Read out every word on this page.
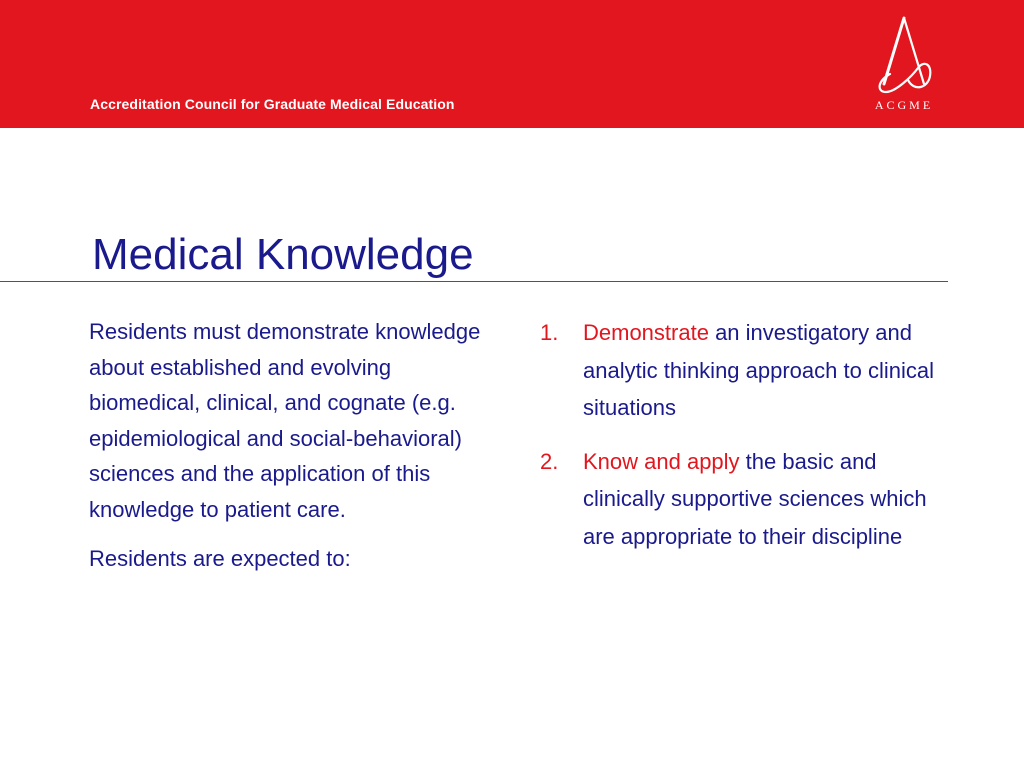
Accreditation Council for Graduate Medical Education	ACGME
Medical Knowledge

Residents must demonstrate knowledge about established and evolving biomedical, clinical, and cognate (e.g. epidemiological and social-behavioral) sciences and the application of this knowledge to patient care.

Residents are expected to:

1. Demonstrate an investigatory and analytic thinking approach to clinical situations
2. Know and apply the basic and clinically supportive sciences which are appropriate to their discipline
